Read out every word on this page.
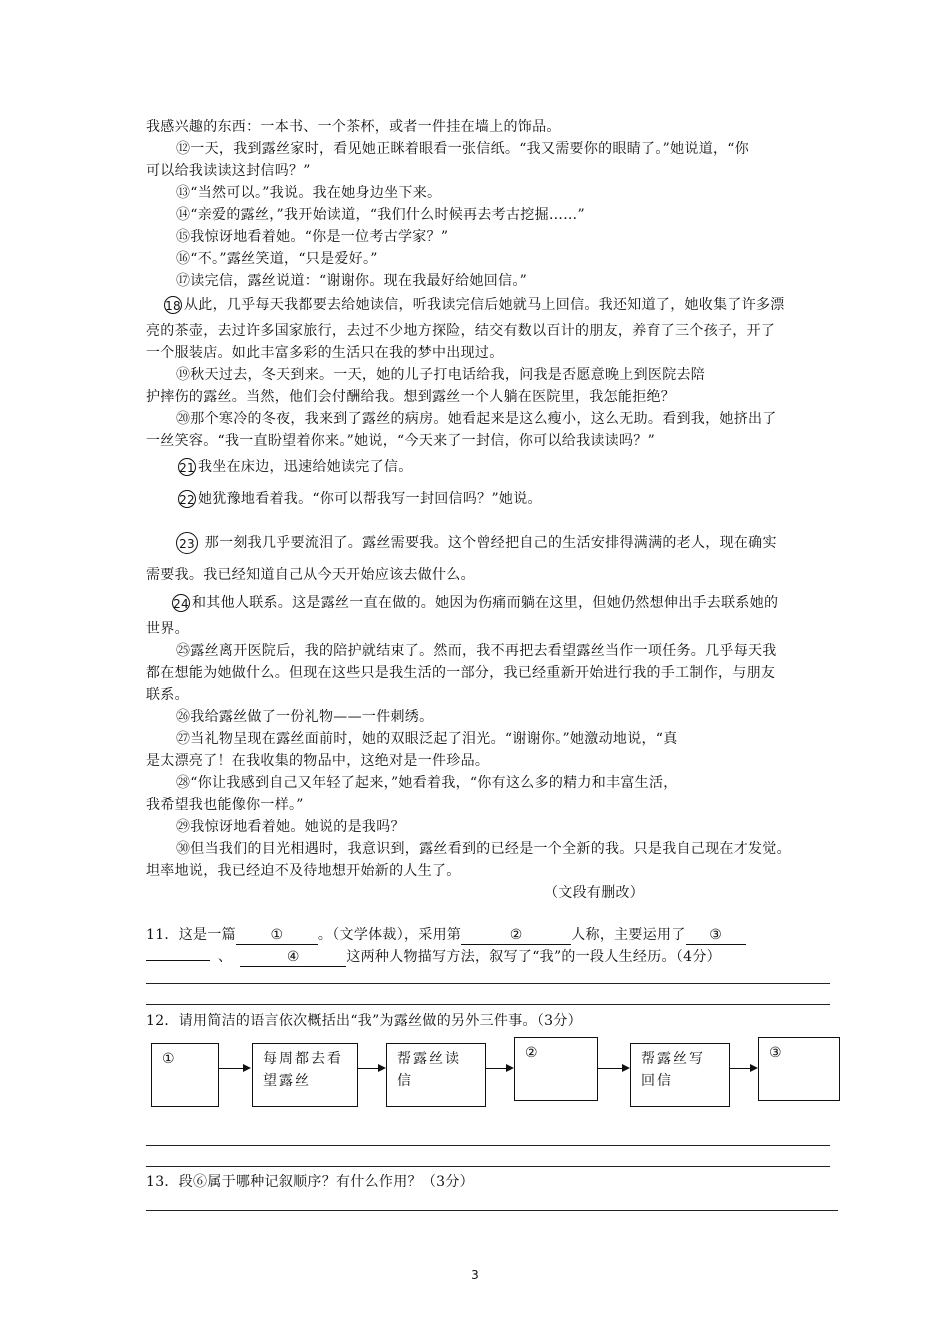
我感兴趣的东西：一本书、一个茶杯，或者一件挂在墙上的饰品。
⑫一天，我到露丝家时，看见她正眯着眼看一张信纸。“我又需要你的眼睛了。”她说道，“你
可以给我读读这封信吗？”
⑬“当然可以。”我说。我在她身边坐下来。
⑭“亲爱的露丝，”我开始读道，“我们什么时候再去考古挖掘……”
⑮我惊讶地看着她。“你是一位考古学家？”
⑯“不。”露丝笑道，“只是爱好。”
⑰读完信，露丝说道：“谢谢你。现在我最好给她回信。”
18 从此，几乎每天我都要去给她读信，听我读完信后她就马上回信。我还知道了，她收集了许多漂
亮的茶壶，去过许多国家旅行，去过不少地方探险，结交有数以百计的朋友，养育了三个孩子，开了
一个服装店。如此丰富多彩的生活只在我的梦中出现过。
⑲秋天过去，冬天到来。一天，她的儿子打电话给我，问我是否愿意晚上到医院去陪
护摔伤的露丝。当然，他们会付酬给我。想到露丝一个人躺在医院里，我怎能拒绝？
⑳那个寒冷的冬夜，我来到了露丝的病房。她看起来是这么瘦小，这么无助。看到我，她挤出了
一丝笑容。“我一直盼望着你来。”她说，“今天来了一封信，你可以给我读读吗？”
21 我坐在床边，迅速给她读完了信。
22 她犹豫地看着我。“你可以帮我写一封回信吗？”她说。
23 那一刻我几乎要流泪了。露丝需要我。这个曾经把自己的生活安排得满满的老人，现在确实
需要我。我已经知道自己从今天开始应该去做什么。
24 和其他人联系。这是露丝一直在做的。她因为伤痛而躺在这里，但她仍然想伸出手去联系她的
世界。
㉕露丝离开医院后，我的陪护就结束了。然而，我不再把去看望露丝当作一项任务。几乎每天我
都在想能为她做什么。但现在这些只是我生活的一部分，我已经重新开始进行我的手工制作，与朋友
联系。
㉖我给露丝做了一份礼物——一件刺绣。
㉗当礼物呈现在露丝面前时，她的双眼泛起了泪光。“谢谢你。”她激动地说，“真
是太漂亮了！在我收集的物品中，这绝对是一件珍品。
㉘“你让我感到自己又年轻了起来，”她看着我，“你有这么多的精力和丰富生活，
我希望我也能像你一样。”
㉙我惊讶地看着她。她说的是我吗？
㉚但当我们的目光相遇时，我意识到，露丝看到的已经是一个全新的我。只是我自己现在才发觉。
坦率地说，我已经迫不及待地想开始新的人生了。
（文段有删改）
11．这是一篇 ① 。（文学体裁），采用第	②	人称，主要运用了 ③
、	④	这两种人物描写方法，叙写了“我”的一段人生经历。（4分）
12．请用简洁的语言依次概括出“我”为露丝做的另外三件事。（3分）
①	每周都去看望露丝
帮露丝读信
②	帮露丝写回信
③
13．段⑥属于哪种记叙顺序？有什么作用？（3分）
3
